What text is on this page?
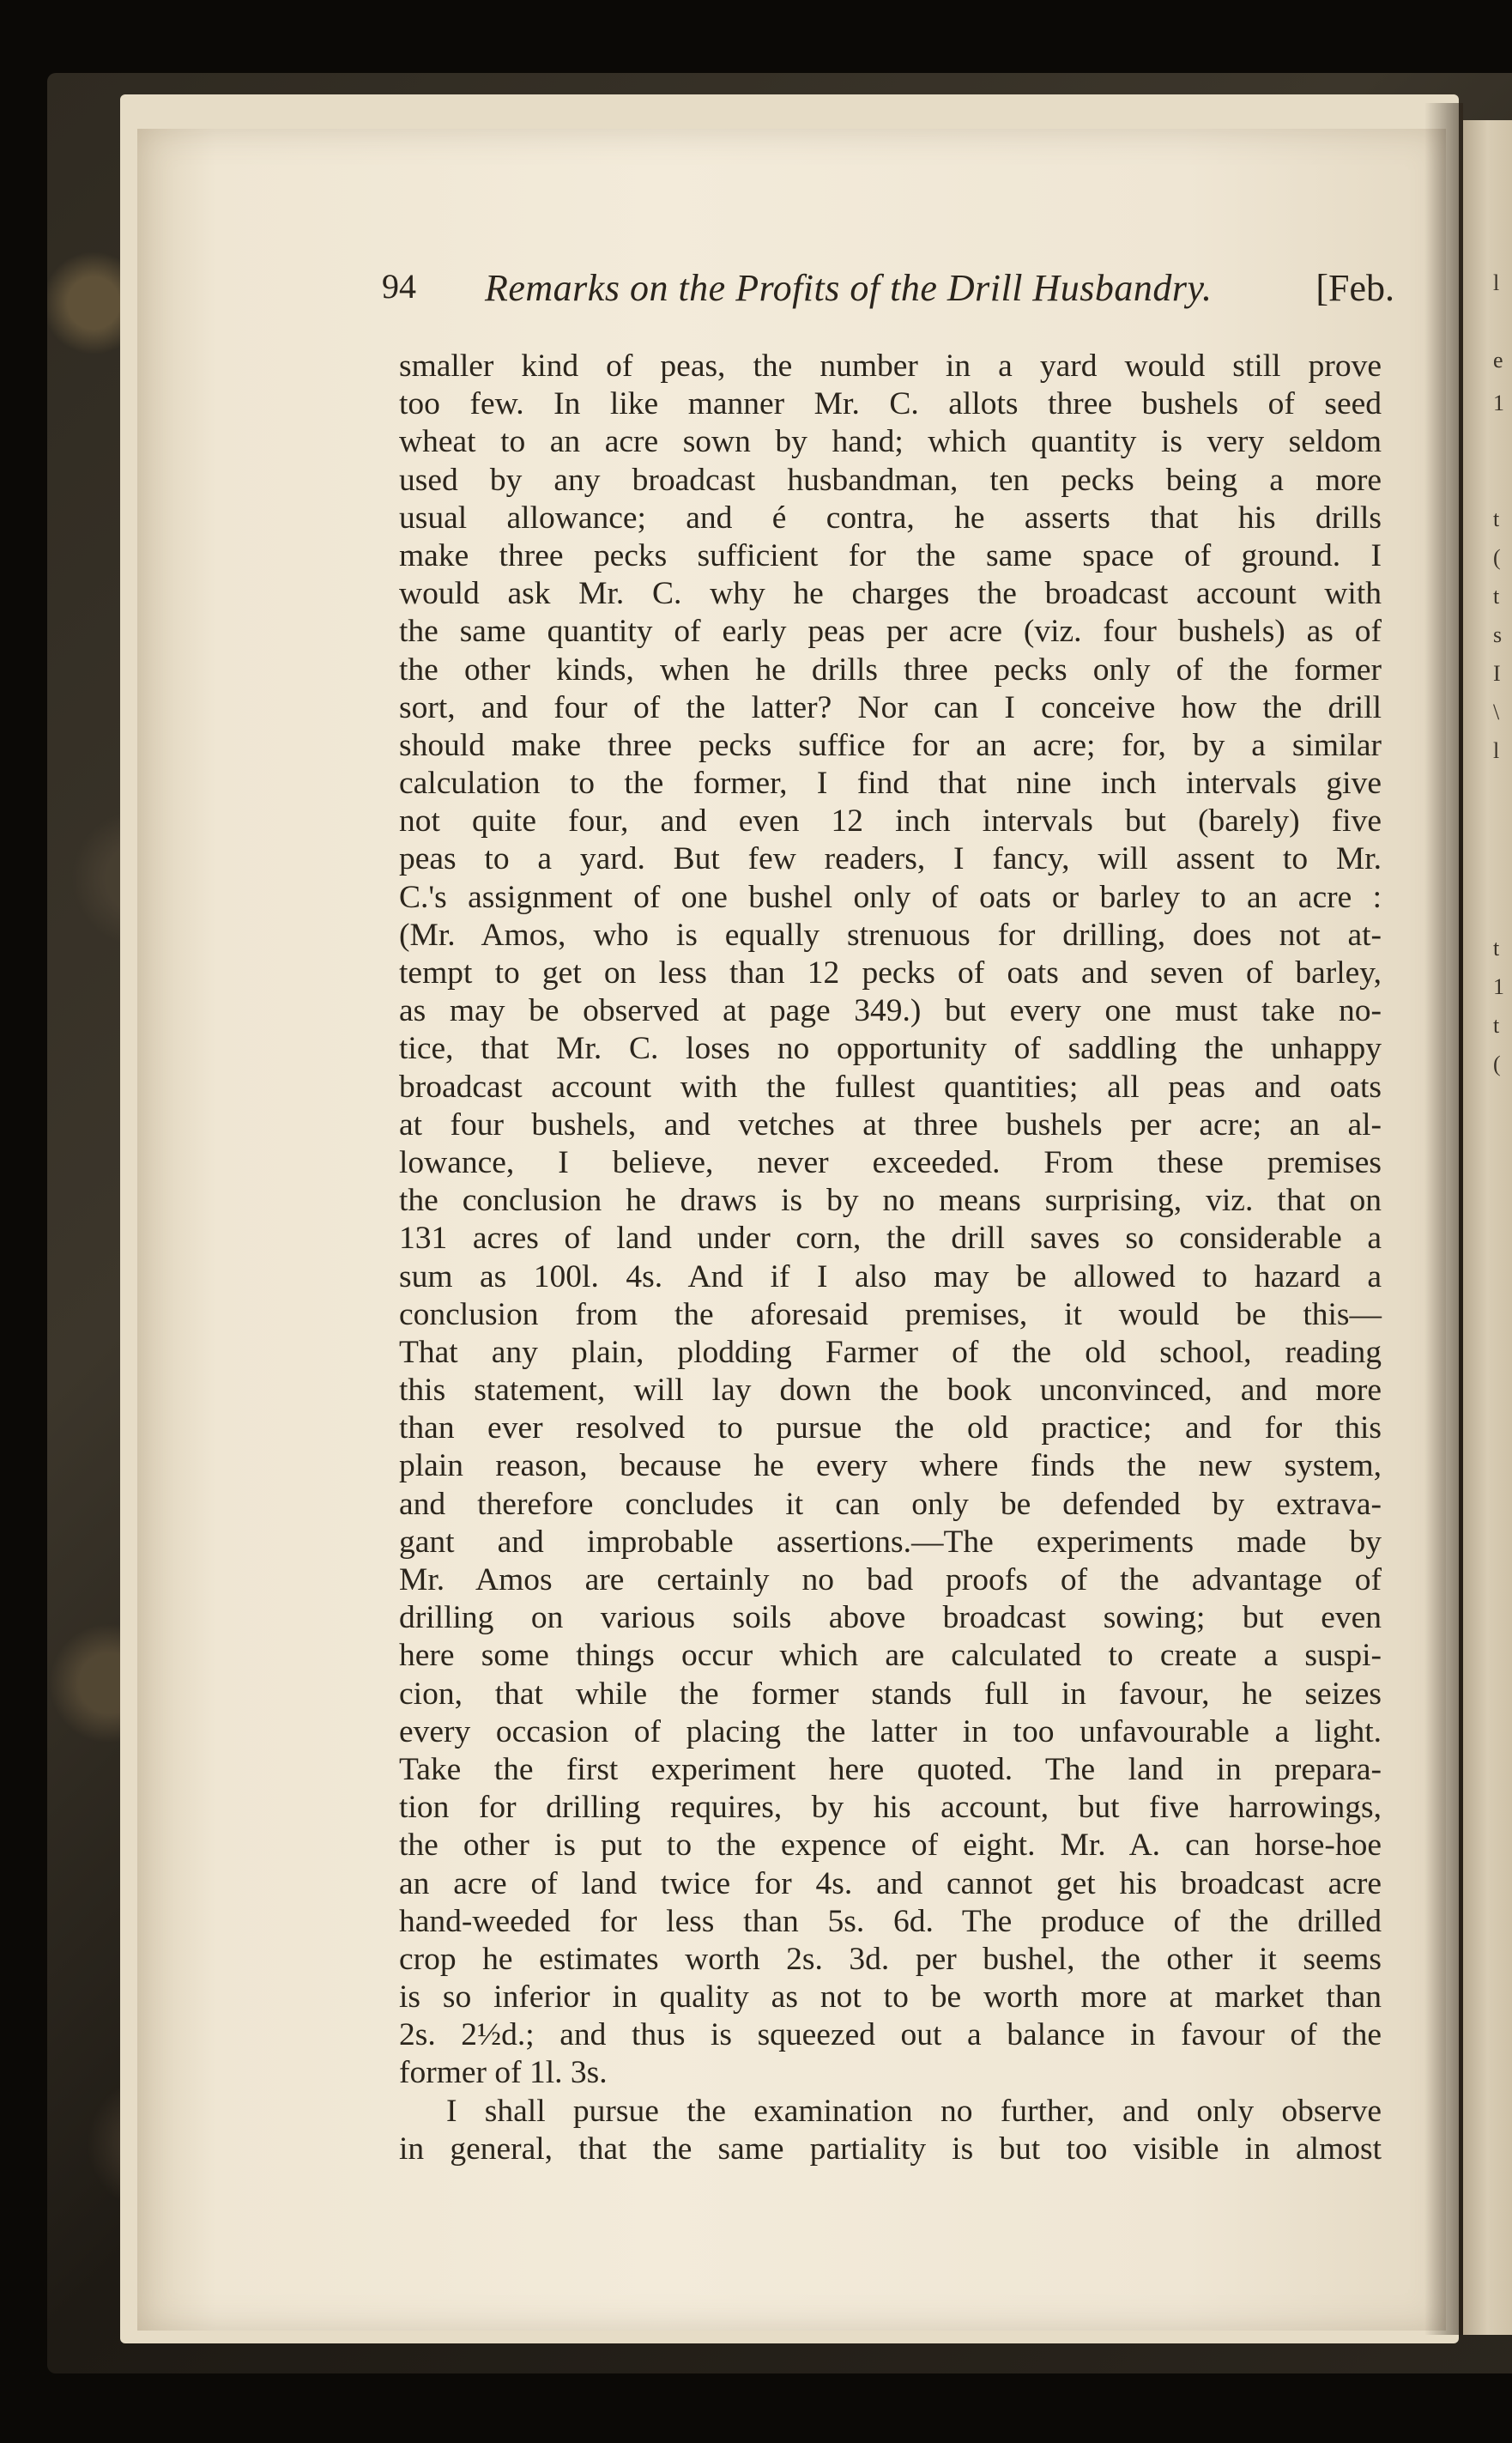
l
e
1
t
(
t
s
I
\
l
t
1
t
(
94 Remarks on the Profits of the Drill Husbandry.	[Feb.
smaller kind of peas, the number in a yard would still prove
too few. In like manner Mr. C. allots three bushels of seed
wheat to an acre sown by hand; which quantity is very seldom
used by any broadcast husbandman, ten pecks being a more
usual allowance; and é contra, he asserts that his drills
make three pecks sufficient for the same space of ground. I
would ask Mr. C. why he charges the broadcast account with
the same quantity of early peas per acre (viz. four bushels) as of
the other kinds, when he drills three pecks only of the former
sort, and four of the latter? Nor can I conceive how the drill
should make three pecks suffice for an acre; for, by a similar
calculation to the former, I find that nine inch intervals give
not quite four, and even 12 inch intervals but (barely) five
peas to a yard. But few readers, I fancy, will assent to Mr.
C.'s assignment of one bushel only of oats or barley to an acre :
(Mr. Amos, who is equally strenuous for drilling, does not at-
tempt to get on less than 12 pecks of oats and seven of barley,
as may be observed at page 349.) but every one must take no-
tice, that Mr. C. loses no opportunity of saddling the unhappy
broadcast account with the fullest quantities; all peas and oats
at four bushels, and vetches at three bushels per acre; an al-
lowance, I believe, never exceeded. From these premises
the conclusion he draws is by no means surprising, viz. that on
131 acres of land under corn, the drill saves so considerable a
sum as 100l. 4s. And if I also may be allowed to hazard a
conclusion from the aforesaid premises, it would be this—
That any plain, plodding Farmer of the old school, reading
this statement, will lay down the book unconvinced, and more
than ever resolved to pursue the old practice; and for this
plain reason, because he every where finds the new system,
and therefore concludes it can only be defended by extrava-
gant and improbable assertions.—The experiments made by
Mr. Amos are certainly no bad proofs of the advantage of
drilling on various soils above broadcast sowing; but even
here some things occur which are calculated to create a suspi-
cion, that while the former stands full in favour, he seizes
every occasion of placing the latter in too unfavourable a light.
Take the first experiment here quoted. The land in prepara-
tion for drilling requires, by his account, but five harrowings,
the other is put to the expence of eight. Mr. A. can horse-hoe
an acre of land twice for 4s. and cannot get his broadcast acre
hand-weeded for less than 5s. 6d. The produce of the drilled
crop he estimates worth 2s. 3d. per bushel, the other it seems
is so inferior in quality as not to be worth more at market than
2s. 2½d.; and thus is squeezed out a balance in favour of the
former of 1l. 3s.
I shall pursue the examination no further, and only observe
in general, that the same partiality is but too visible in almost
